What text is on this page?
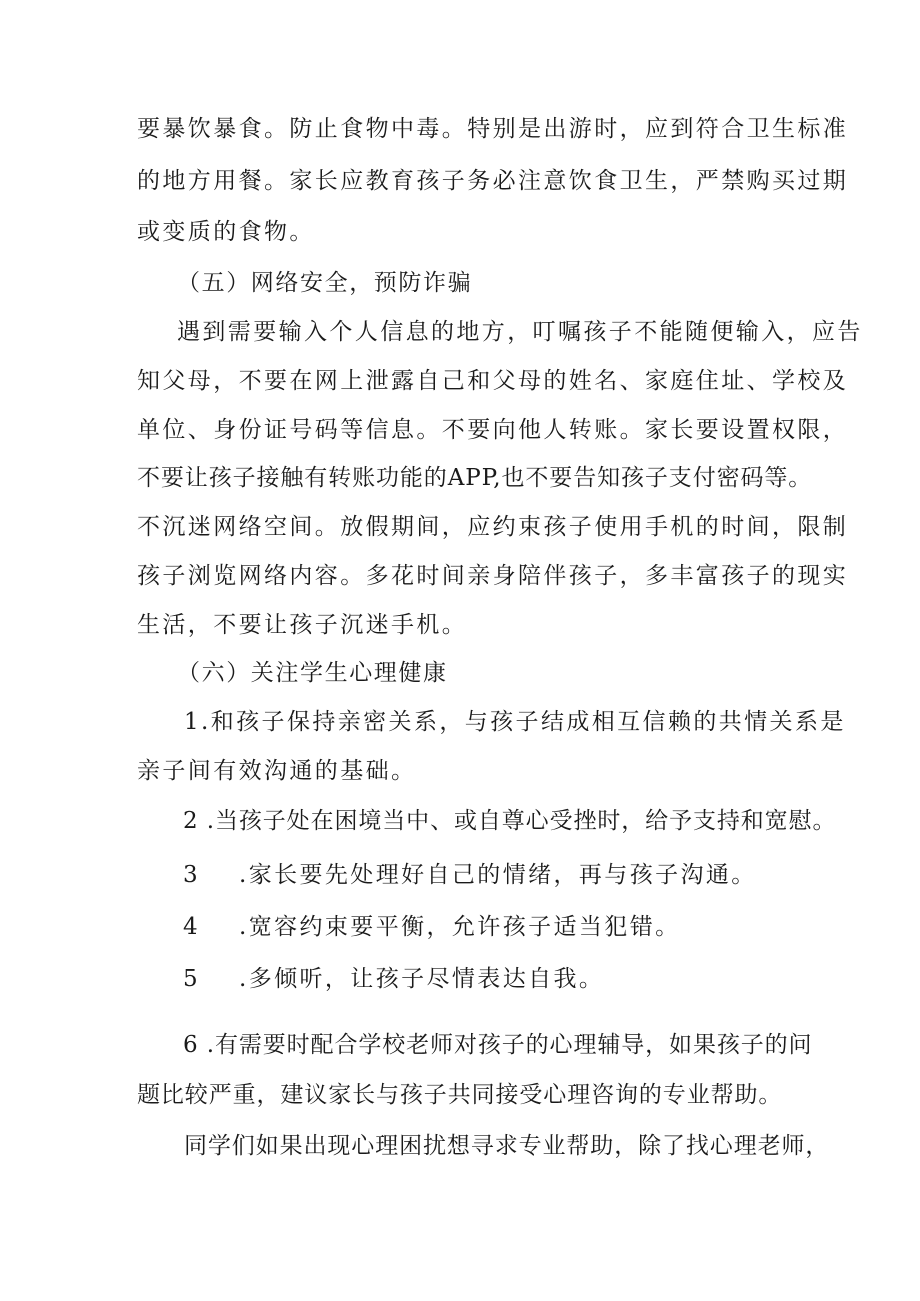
要暴饮暴食。防止食物中毒。特别是出游时，应到符合卫生标准
的地方用餐。家长应教育孩子务必注意饮食卫生，严禁购买过期
或变质的食物。
（五）网络安全，预防诈骗
遇到需要输入个人信息的地方，叮嘱孩子不能随便输入，应告
知父母，不要在网上泄露自己和父母的姓名、家庭住址、学校及
单位、身份证号码等信息。不要向他人转账。家长要设置权限，
不要让孩子接触有转账功能的APP,也不要告知孩子支付密码等。
不沉迷网络空间。放假期间，应约束孩子使用手机的时间，限制
孩子浏览网络内容。多花时间亲身陪伴孩子，多丰富孩子的现实
生活，不要让孩子沉迷手机。
（六）关注学生心理健康
1.和孩子保持亲密关系，与孩子结成相互信赖的共情关系是
亲子间有效沟通的基础。
2 .当孩子处在困境当中、或自尊心受挫时，给予支持和宽慰。
3 .家长要先处理好自己的情绪，再与孩子沟通。
4 .宽容约束要平衡，允许孩子适当犯错。
5 .多倾听，让孩子尽情表达自我。
6 .有需要时配合学校老师对孩子的心理辅导，如果孩子的问
题比较严重，建议家长与孩子共同接受心理咨询的专业帮助。
同学们如果出现心理困扰想寻求专业帮助，除了找心理老师，
